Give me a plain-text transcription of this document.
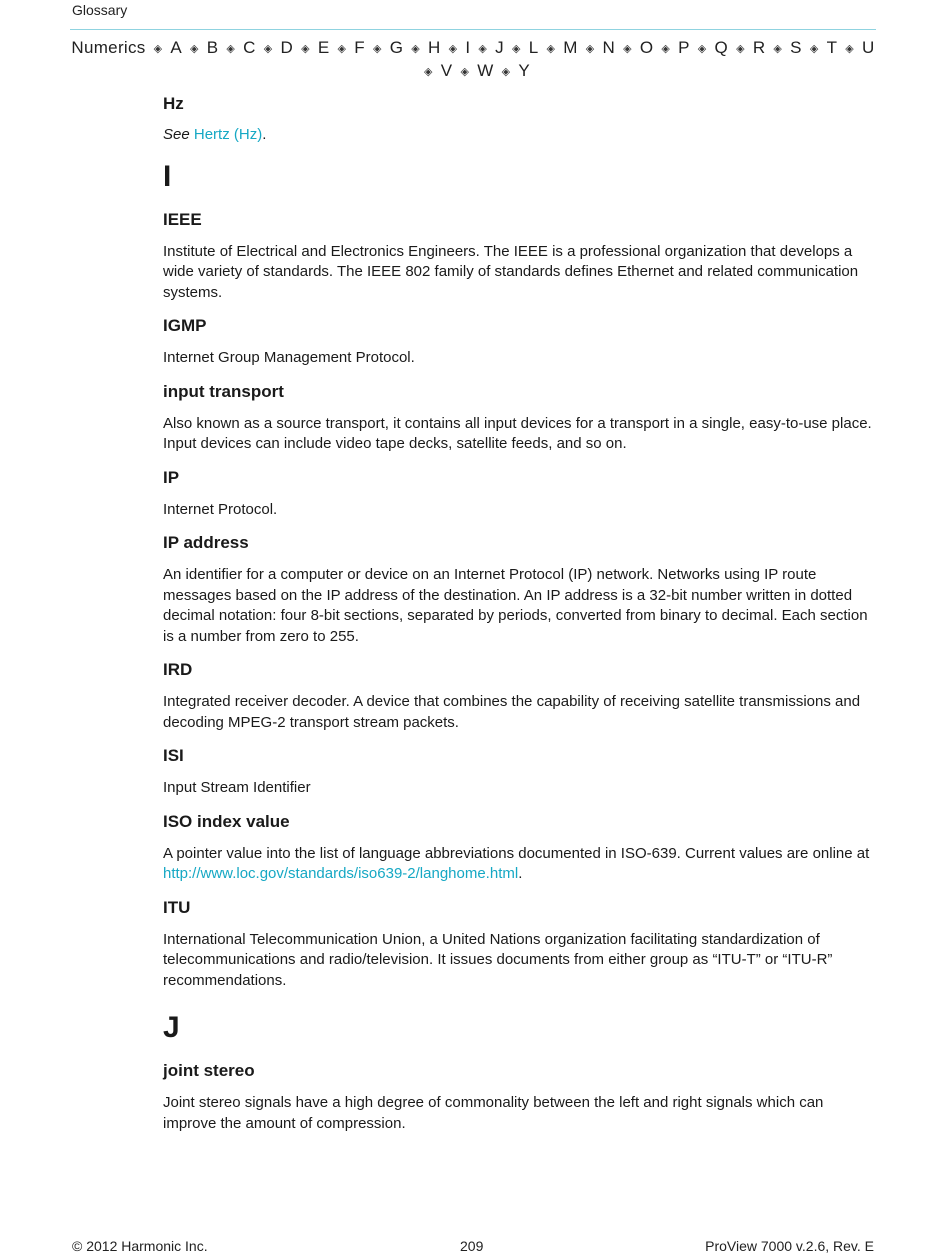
Glossary
Numerics ◈ A ◈ B ◈ C ◈ D ◈ E ◈ F ◈ G ◈ H ◈ I ◈ J ◈ L ◈ M ◈ N ◈ O ◈ P ◈ Q ◈ R ◈ S ◈ T ◈ U◈ V ◈ W ◈ Y

Hz

See Hertz (Hz).

I

IEEE

Institute of Electrical and Electronics Engineers. The IEEE is a professional organization that develops a wide variety of standards. The IEEE 802 family of standards defines Ethernet and related communication systems.

IGMP

Internet Group Management Protocol.

input transport

Also known as a source transport, it contains all input devices for a transport in a single, easy-to-use place. Input devices can include video tape decks, satellite feeds, and so on.

IP

Internet Protocol.

IP address

An identifier for a computer or device on an Internet Protocol (IP) network. Networks using IP route messages based on the IP address of the destination. An IP address is a 32-bit number written in dotted decimal notation: four 8-bit sections, separated by periods, converted from binary to decimal. Each section is a number from zero to 255.

IRD

Integrated receiver decoder. A device that combines the capability of receiving satellite transmissions and decoding MPEG-2 transport stream packets.

ISI

Input Stream Identifier

ISO index value

A pointer value into the list of language abbreviations documented in ISO-639. Current values are online at http://www.loc.gov/standards/iso639-2/langhome.html.

ITU

International Telecommunication Union, a United Nations organization facilitating standardization of telecommunications and radio/television. It issues documents from either group as “ITU-T” or “ITU-R” recommendations.

J

joint stereo

Joint stereo signals have a high degree of commonality between the left and right signals which can improve the amount of compression.

© 2012 Harmonic Inc.	209	ProView 7000 v.2.6, Rev. E
